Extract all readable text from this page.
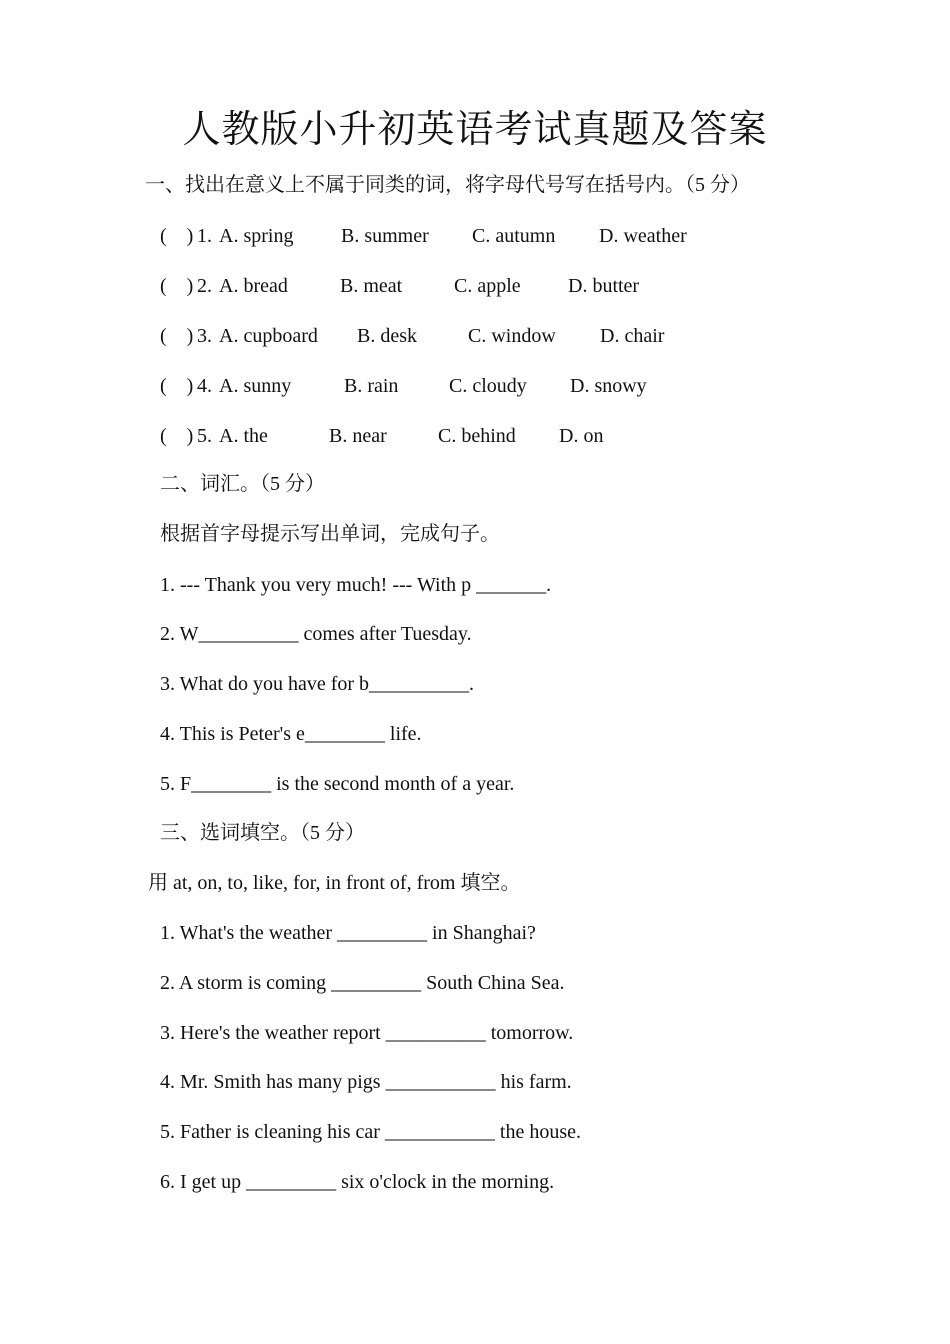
人教版小升初英语考试真题及答案
一、找出在意义上不属于同类的词，将字母代号写在括号内。（5 分）

(    )

1.

A. spring

B. summer

C. autumn

D. weather

(    )

2.

A. bread

	B. meat

	C. apple

D. butter

(    )

3.

A. cupboard

B. desk

	C. window

D. chair

(    )

4.

A. sunny

	B. rain

	C. cloudy

D. snowy

(    )

5.

A. the

	B. near

	C. behind

D. on

二、词汇。（5 分）
根据首字母提示写出单词，完成句子。
1. --- Thank you very much! --- With p _______.
2. W__________ comes after Tuesday.
3. What do you have for b__________.
4. This is Peter's e________ life.
5. F________ is the second month of a year.
三、选词填空。（5 分）
用 at, on, to, like, for, in front of, from 填空。
1. What's the weather _________ in Shanghai?
2. A storm is coming _________ South China Sea.
3. Here's the weather report __________ tomorrow.
4. Mr. Smith has many pigs ___________ his farm.
5. Father is cleaning his car ___________ the house.
6. I get up _________ six o'clock in the morning.
